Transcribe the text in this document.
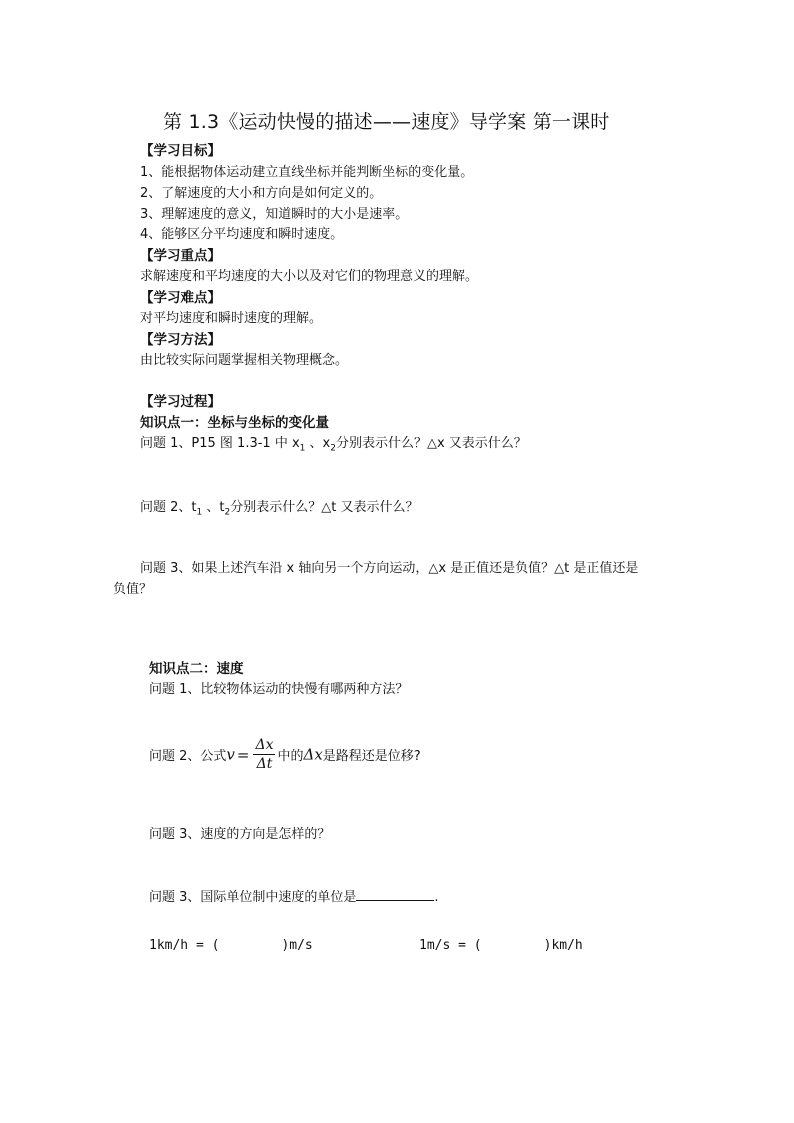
第 1.3《运动快慢的描述——速度》导学案 第一课时
【学习目标】
1、能根据物体运动建立直线坐标并能判断坐标的变化量。
2、了解速度的大小和方向是如何定义的。
3、理解速度的意义，知道瞬时的大小是速率。
4、能够区分平均速度和瞬时速度。
【学习重点】
求解速度和平均速度的大小以及对它们的物理意义的理解。
【学习难点】
对平均速度和瞬时速度的理解。
【学习方法】
由比较实际问题掌握相关物理概念。
【学习过程】
知识点一：坐标与坐标的变化量
问题 1、P15 图 1.3-1 中 $x_1$ 、$x_2$分别表示什么？△x 又表示什么？
问题 2、$t_1$ 、$t_2$分别表示什么？△t 又表示什么？
问题 3、如果上述汽车沿 x 轴向另一个方向运动，△x 是正值还是负值？△t 是正值还是
负值？
知识点二：速度
问题 1、比较物体运动的快慢有哪两种方法？
问题 2、公式$v = \frac{\Delta x}{\Delta t}$ 中的Δx是路程还是位移?
问题 3、速度的方向是怎样的？
问题 3、国际单位制中速度的单位是	.
1km/h = (	)m/s	1m/s = (	)km/h
